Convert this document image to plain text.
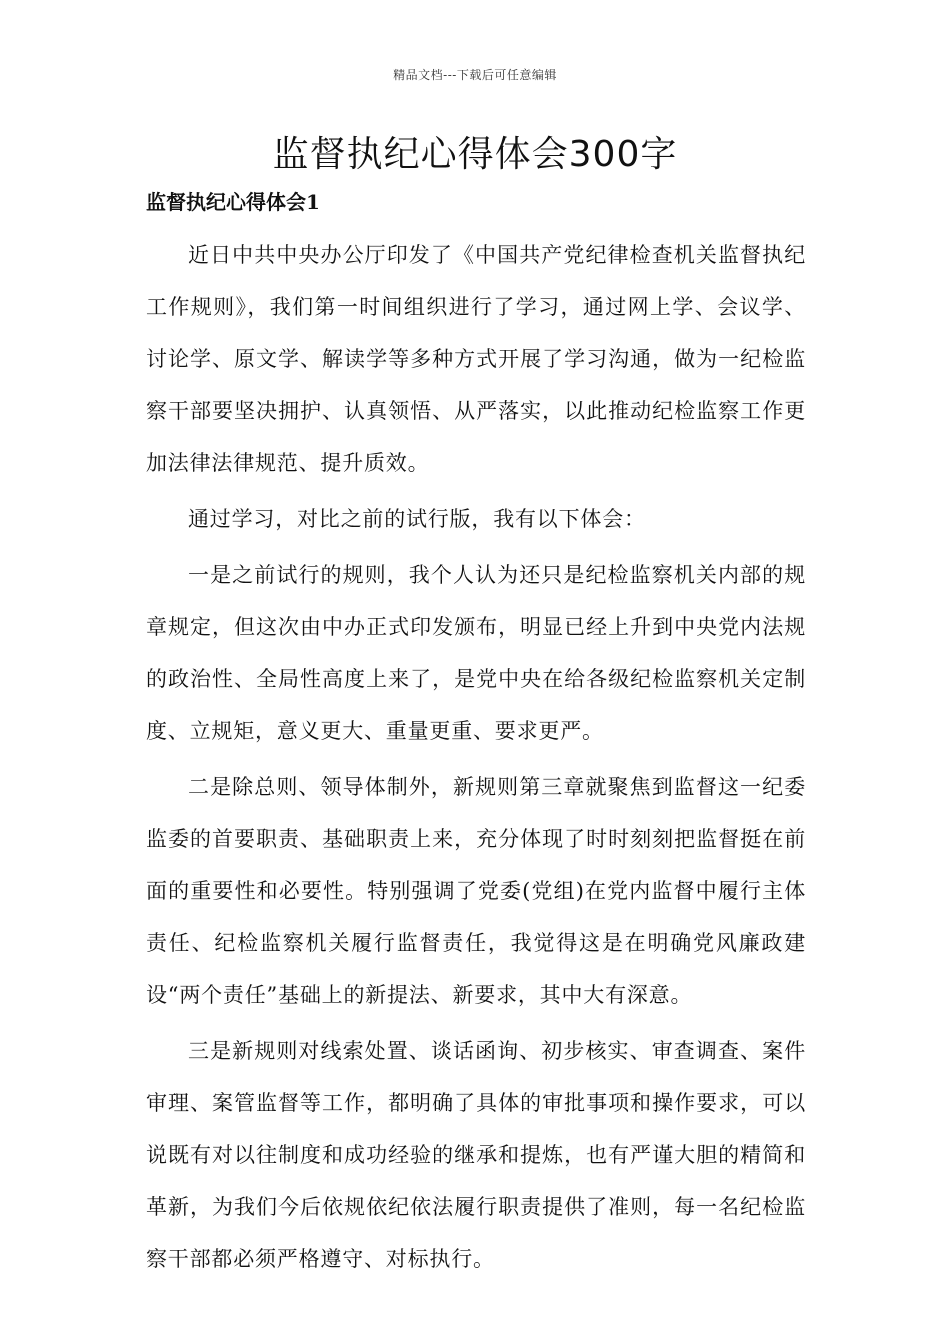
精品文档---下载后可任意编辑
监督执纪心得体会300字
监督执纪心得体会1

近日中共中央办公厅印发了《中国共产党纪律检查机关监督执纪工作规则》，我们第一时间组织进行了学习，通过网上学、会议学、讨论学、原文学、解读学等多种方式开展了学习沟通，做为一纪检监察干部要坚决拥护、认真领悟、从严落实，以此推动纪检监察工作更加法律法律规范、提升质效。

通过学习，对比之前的试行版，我有以下体会：

一是之前试行的规则，我个人认为还只是纪检监察机关内部的规章规定，但这次由中办正式印发颁布，明显已经上升到中央党内法规的政治性、全局性高度上来了，是党中央在给各级纪检监察机关定制度、立规矩，意义更大、重量更重、要求更严。

二是除总则、领导体制外，新规则第三章就聚焦到监督这一纪委监委的首要职责、基础职责上来，充分体现了时时刻刻把监督挺在前面的重要性和必要性。特别强调了党委(党组)在党内监督中履行主体责任、纪检监察机关履行监督责任，我觉得这是在明确党风廉政建设“两个责任”基础上的新提法、新要求，其中大有深意。

三是新规则对线索处置、谈话函询、初步核实、审查调查、案件审理、案管监督等工作，都明确了具体的审批事项和操作要求，可以说既有对以往制度和成功经验的继承和提炼，也有严谨大胆的精简和革新，为我们今后依规依纪依法履行职责提供了准则，每一名纪检监察干部都必须严格遵守、对标执行。
